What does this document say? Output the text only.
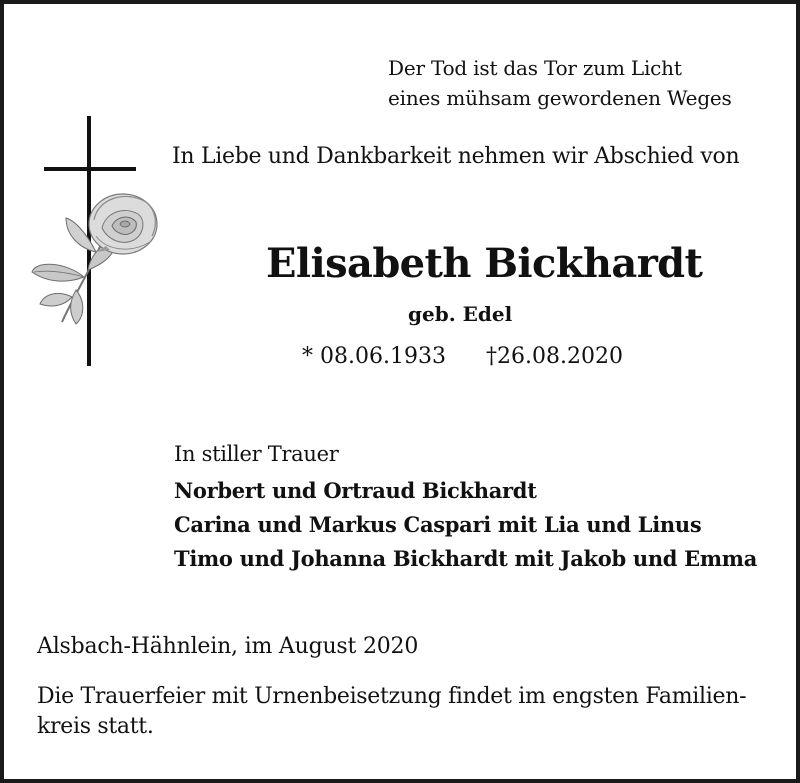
Der Tod ist das Tor zum Licht
eines mühsam gewordenen Weges
In Liebe und Dankbarkeit nehmen wir Abschied von
Elisabeth Bickhardt
geb. Edel
* 08.06.1933 †26.08.2020
In stiller Trauer
Norbert und Ortraud Bickhardt
Carina und Markus Caspari mit Lia und Linus
Timo und Johanna Bickhardt mit Jakob und Emma
Alsbach-Hähnlein, im August 2020
Die Trauerfeier mit Urnenbeisetzung findet im engsten Familien-
kreis statt.
